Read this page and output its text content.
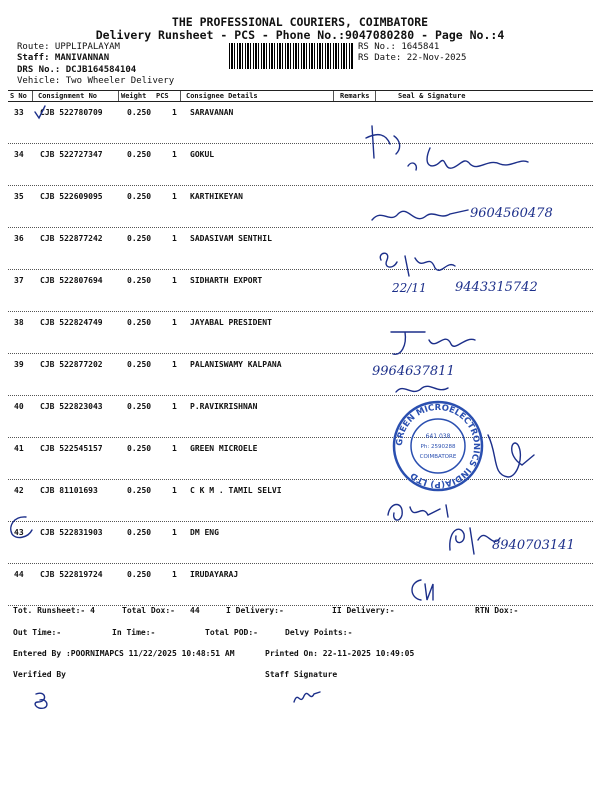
THE PROFESSIONAL COURIERS, COIMBATORE
Delivery Runsheet - PCS - Phone No.:9047080280 - Page No.:4
Route: UPPLIPALAYAM
Staff: MANIVANNAN
DRS No.: DCJB164584104
Vehicle: Two Wheeler Delivery
RS No.: 1645841
RS Date: 22-Nov-2025
S No Consignment No	Weight PCS Consignee Details	Remarks	Seal & Signature
33 CJB 522780709	0.250	1 SARAVANAN
34 CJB 522727347	0.250	1 GOKUL
35 CJB 522609095	0.250	1 KARTHIKEYAN
36 CJB 522877242	0.250	1 SADASIVAM SENTHIL
37 CJB 522807694	0.250	1 SIDHARTH EXPORT
38 CJB 522824749	0.250	1 JAYABAL PRESIDENT
39 CJB 522877202	0.250	1 PALANISWAMY KALPANA
40 CJB 522823043	0.250	1 P.RAVIKRISHNAN
41 CJB 522545157	0.250	1 GREEN MICROELE
42 CJB 81101693	0.250	1 C K M . TAMIL SELVI
43 CJB 522831903	0.250	1 DM ENG
44 CJB 522819724	0.250	1 IRUDAYARAJ
Tot. Runsheet:- 4	Total Dox:- 44	I Delivery:-	II Delivery:-	RTN Dox:-
Out Time:-	In Time:-	Total POD:-	Delvy Points:-
Entered By :POORNIMAPCS 11/22/2025 10:48:51 AM	Printed On: 22-11-2025 10:49:05
Verified By	Staff Signature
9604560478
22/11 9443315742
9964637811
GREEN MICROELECTRONICS INDIA(P) LTD
641 038
Ph: 2590288
COIMBATORE
8940703141
